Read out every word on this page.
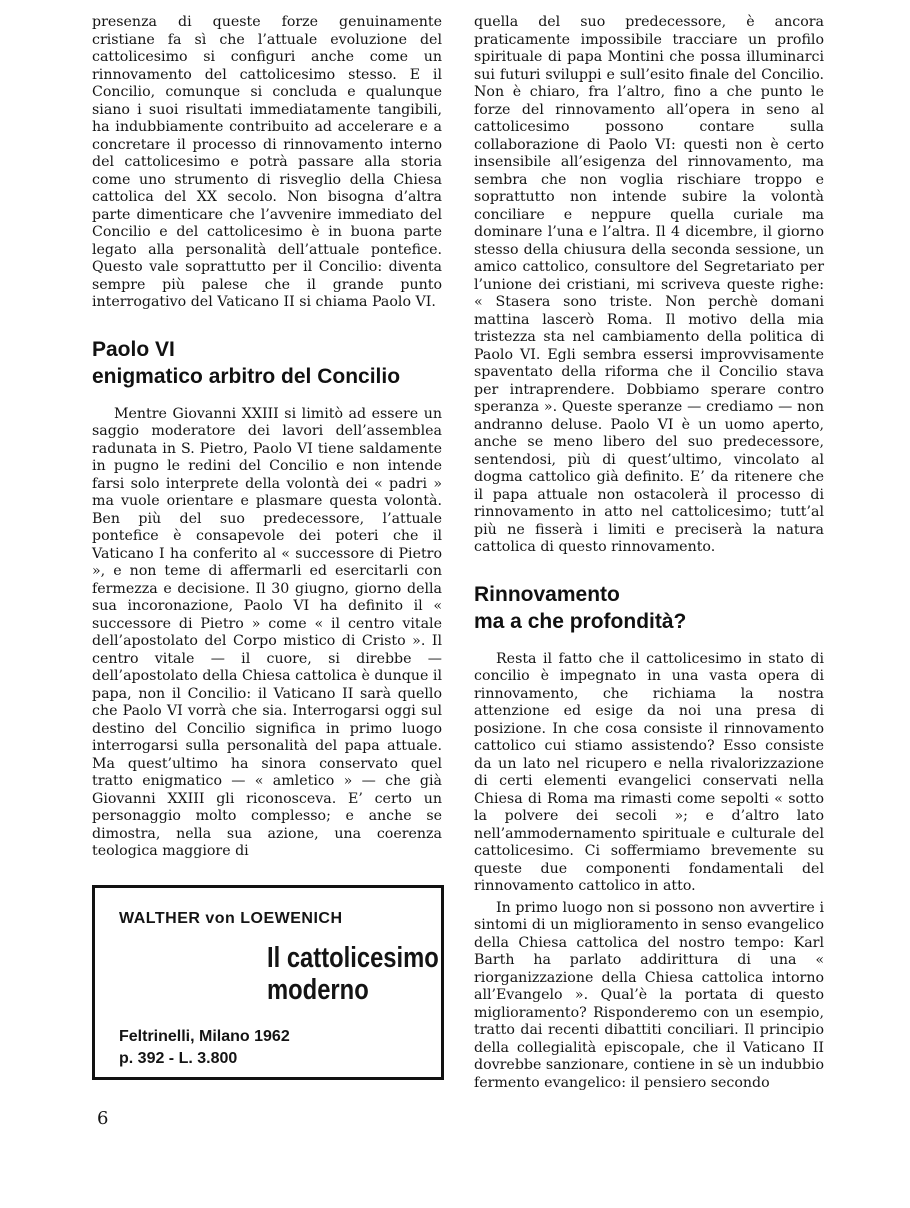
presenza di queste forze genuinamente cristiane fa sì che l’attuale evoluzione del cattolicesimo si configuri anche come un rinnovamento del cattolicesimo stesso. E il Concilio, comunque si concluda e qualunque siano i suoi risultati immediatamente tangibili, ha indubbiamente contribuito ad accelerare e a concretare il processo di rinnovamento interno del cattolicesimo e potrà passare alla storia come uno strumento di risveglio della Chiesa cattolica del XX secolo. Non bisogna d’altra parte dimenticare che l’avvenire immediato del Concilio e del cattolicesimo è in buona parte legato alla personalità dell’attuale pontefice. Questo vale soprattutto per il Concilio: diventa sempre più palese che il grande punto interrogativo del Vaticano II si chiama Paolo VI.

Paolo VI
enigmatico arbitro del Concilio

Mentre Giovanni XXIII si limitò ad essere un saggio moderatore dei lavori dell’assemblea radunata in S. Pietro, Paolo VI tiene saldamente in pugno le redini del Concilio e non intende farsi solo interprete della volontà dei « padri » ma vuole orientare e plasmare questa volontà. Ben più del suo predecessore, l’attuale pontefice è consapevole dei poteri che il Vaticano I ha conferito al « successore di Pietro », e non teme di affermarli ed esercitarli con fermezza e decisione. Il 30 giugno, giorno della sua incoronazione, Paolo VI ha definito il « successore di Pietro » come « il centro vitale dell’apostolato del Corpo mistico di Cristo ». Il centro vitale — il cuore, si direbbe — dell’apostolato della Chiesa cattolica è dunque il papa, non il Concilio: il Vaticano II sarà quello che Paolo VI vorrà che sia. Interrogarsi oggi sul destino del Concilio significa in primo luogo interrogarsi sulla personalità del papa attuale. Ma quest’ultimo ha sinora conservato quel tratto enigmatico — « amletico » — che già Giovanni XXIII gli riconosceva. E’ certo un personaggio molto complesso; e anche se dimostra, nella sua azione, una coerenza teologica maggiore di

quella del suo predecessore, è ancora praticamente impossibile tracciare un profilo spirituale di papa Montini che possa illuminarci sui futuri sviluppi e sull’esito finale del Concilio. Non è chiaro, fra l’altro, fino a che punto le forze del rinnovamento all’opera in seno al cattolicesimo possono contare sulla collaborazione di Paolo VI: questi non è certo insensibile all’esigenza del rinnovamento, ma sembra che non voglia rischiare troppo e soprattutto non intende subire la volontà conciliare e neppure quella curiale ma dominare l’una e l’altra. Il 4 dicembre, il giorno stesso della chiusura della seconda sessione, un amico cattolico, consultore del Segretariato per l’unione dei cristiani, mi scriveva queste righe: « Stasera sono triste. Non perchè domani mattina lascerò Roma. Il motivo della mia tristezza sta nel cambiamento della politica di Paolo VI. Egli sembra essersi improvvisamente spaventato della riforma che il Concilio stava per intraprendere. Dobbiamo sperare contro speranza ». Queste speranze — crediamo — non andranno deluse. Paolo VI è un uomo aperto, anche se meno libero del suo predecessore, sentendosi, più di quest’ultimo, vincolato al dogma cattolico già definito. E’ da ritenere che il papa attuale non ostacolerà il processo di rinnovamento in atto nel cattolicesimo; tutt’al più ne fisserà i limiti e preciserà la natura cattolica di questo rinnovamento.

Rinnovamento
ma a che profondità?

Resta il fatto che il cattolicesimo in stato di concilio è impegnato in una vasta opera di rinnovamento, che richiama la nostra attenzione ed esige da noi una presa di posizione. In che cosa consiste il rinnovamento cattolico cui stiamo assistendo? Esso consiste da un lato nel ricupero e nella rivalorizzazione di certi elementi evangelici conservati nella Chiesa di Roma ma rimasti come sepolti « sotto la polvere dei secoli »; e d’altro lato nell’ammodernamento spirituale e culturale del cattolicesimo. Ci soffermiamo brevemente su queste due componenti fondamentali del rinnovamento cattolico in atto.

In primo luogo non si possono non avvertire i sintomi di un miglioramento in senso evangelico della Chiesa cattolica del nostro tempo: Karl Barth ha parlato addirittura di una « riorganizzazione della Chiesa cattolica intorno all’Evangelo ». Qual’è la portata di questo miglioramento? Risponderemo con un esempio, tratto dai recenti dibattiti conciliari. Il principio della collegialità episcopale, che il Vaticano II dovrebbe sanzionare, contiene in sè un indubbio fermento evangelico: il pensiero secondo

WALTHER von LOEWENICH

Il cattolicesimo
moderno
Feltrinelli, Milano 1962
p. 392 - L. 3.800
6
